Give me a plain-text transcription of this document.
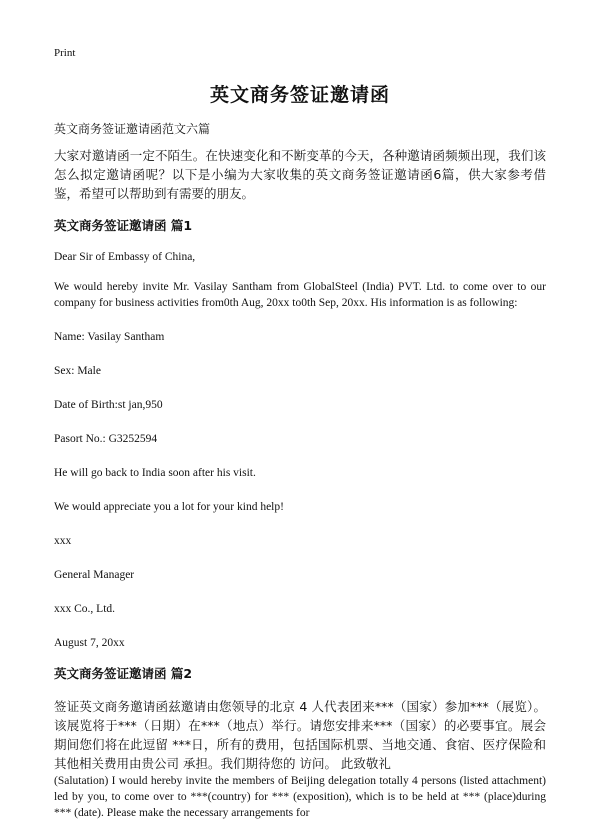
Print
英文商务签证邀请函

英文商务签证邀请函范文六篇

大家对邀请函一定不陌生。在快速变化和不断变革的今天，各种邀请函频频出现，我们该怎么拟定邀请函呢？以下是小编为大家收集的英文商务签证邀请函6篇，供大家参考借鉴，希望可以帮助到有需要的朋友。

英文商务签证邀请函 篇1

Dear Sir of Embassy of China,

We would hereby invite Mr. Vasilay Santham from GlobalSteel (India) PVT. Ltd. to come over to our company for business activities from0th Aug, 20xx to0th Sep, 20xx. His information is as following:

Name: Vasilay Santham

Sex: Male

Date of Birth:st jan,950

Pasort No.: G3252594

He will go back to India soon after his visit.

We would appreciate you a lot for your kind help!

xxx

General Manager

xxx Co., Ltd.

August 7, 20xx

英文商务签证邀请函 篇2

签证英文商务邀请函兹邀请由您领导的北京 4 人代表团来***（国家）参加***（展览）。该展览将于***（日期）在***（地点）举行。请您安排来***（国家）的必要事宜。展会期间您们将在此逗留 ***日，所有的费用，包括国际机票、当地交通、食宿、医疗保险和其他相关费用由贵公司 承担。我们期待您的 访问。 此致敬礼

(Salutation) I would hereby invite the members of Beijing delegation totally 4 persons (listed attachment) led by you, to come over to ***(country) for *** (exposition), which is to be held at *** (place)during *** (date). Please make the necessary arrangements for
